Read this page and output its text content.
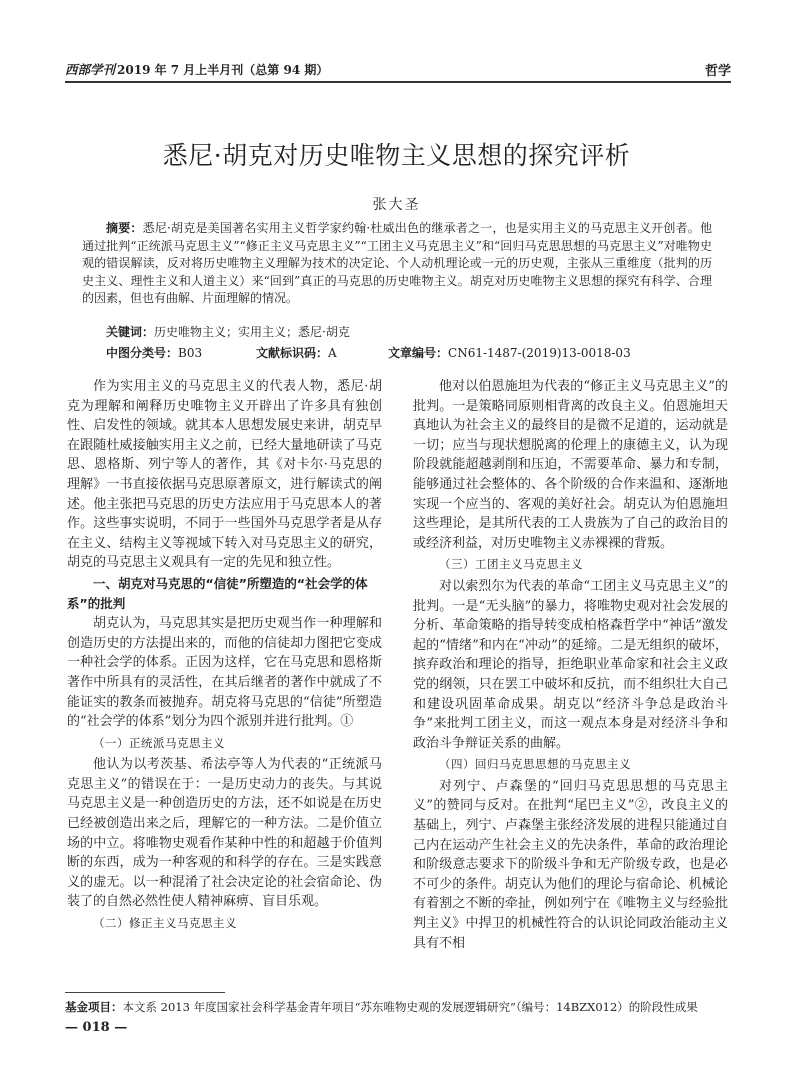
西部学刊 2019 年 7 月上半月刊（总第 94 期）	哲学
悉尼·胡克对历史唯物主义思想的探究评析
张大圣
摘要：悉尼·胡克是美国著名实用主义哲学家约翰·杜威出色的继承者之一，也是实用主义的马克思主义开创者。他通过批判“正统派马克思主义”“修正主义马克思主义”“工团主义马克思主义”和“回归马克思思想的马克思主义”对唯物史观的错误解读，反对将历史唯物主义理解为技术的决定论、个人动机理论或一元的历史观，主张从三重维度（批判的历史主义、理性主义和人道主义）来“回到”真正的马克思的历史唯物主义。胡克对历史唯物主义思想的探究有科学、合理的因素，但也有曲解、片面理解的情况。
关键词：历史唯物主义；实用主义；悉尼·胡克
中图分类号：B03	文献标识码：A	文章编号：CN61-1487-(2019)13-0018-03

作为实用主义的马克思主义的代表人物，悉尼·胡克为理解和阐释历史唯物主义开辟出了许多具有独创性、启发性的领域。就其本人思想发展史来讲，胡克早在跟随杜威接触实用主义之前，已经大量地研读了马克思、恩格斯、列宁等人的著作，其《对卡尔·马克思的理解》一书直接依据马克思原著原文，进行解读式的阐述。他主张把马克思的历史方法应用于马克思本人的著作。这些事实说明，不同于一些国外马克思学者是从存在主义、结构主义等视域下转入对马克思主义的研究，胡克的马克思主义观具有一定的先见和独立性。

一、胡克对马克思的“信徒”所塑造的“社会学的体系”的批判

胡克认为，马克思其实是把历史观当作一种理解和创造历史的方法提出来的，而他的信徒却力图把它变成一种社会学的体系。正因为这样，它在马克思和恩格斯著作中所具有的灵活性，在其后继者的著作中就成了不能证实的教条而被抛弃。胡克将马克思的“信徒”所塑造的“社会学的体系”划分为四个派别并进行批判。①

（一）正统派马克思主义

他认为以考茨基、希法亭等人为代表的“正统派马克思主义”的错误在于：一是历史动力的丧失。与其说马克思主义是一种创造历史的方法，还不如说是在历史已经被创造出来之后，理解它的一种方法。二是价值立场的中立。将唯物史观看作某种中性的和超越于价值判断的东西，成为一种客观的和科学的存在。三是实践意义的虚无。以一种混淆了社会决定论的社会宿命论、伪装了的自然必然性使人精神麻痹、盲目乐观。

（二）修正主义马克思主义

他对以伯恩施坦为代表的“修正主义马克思主义”的批判。一是策略同原则相背离的改良主义。伯恩施坦天真地认为社会主义的最终目的是微不足道的，运动就是一切；应当与现状想脱离的伦理上的康德主义，认为现阶段就能超越剥削和压迫，不需要革命、暴力和专制，能够通过社会整体的、各个阶级的合作来温和、逐渐地实现一个应当的、客观的美好社会。胡克认为伯恩施坦这些理论，是其所代表的工人贵族为了自己的政治目的或经济利益，对历史唯物主义赤裸裸的背叛。

（三）工团主义马克思主义

对以索烈尔为代表的革命“工团主义马克思主义”的批判。一是“无头脑”的暴力，将唯物史观对社会发展的分析、革命策略的指导转变成柏格森哲学中“神话”激发起的“情绪”和内在“冲动”的延缔。二是无组织的破坏，摈弃政治和理论的指导，拒绝职业革命家和社会主义政党的纲领，只在罢工中破坏和反抗，而不组织壮大自己和建设巩固革命成果。胡克以“经济斗争总是政治斗争”来批判工团主义，而这一观点本身是对经济斗争和政治斗争辩证关系的曲解。

（四）回归马克思思想的马克思主义

对列宁、卢森堡的“回归马克思思想的马克思主义”的赞同与反对。在批判“尾巴主义”②，改良主义的基础上，列宁、卢森堡主张经济发展的进程只能通过自己内在运动产生社会主义的先决条件，革命的政治理论和阶级意志要求下的阶级斗争和无产阶级专政，也是必不可少的条件。胡克认为他们的理论与宿命论、机械论有着割之不断的牵扯，例如列宁在《唯物主义与经验批判主义》中捍卫的机械性符合的认识论同政治能动主义具有不相

基金项目：本文系 2013 年度国家社会科学基金青年项目“苏东唯物史观的发展逻辑研究”（编号：14BZX012）的阶段性成果
— 018 —
